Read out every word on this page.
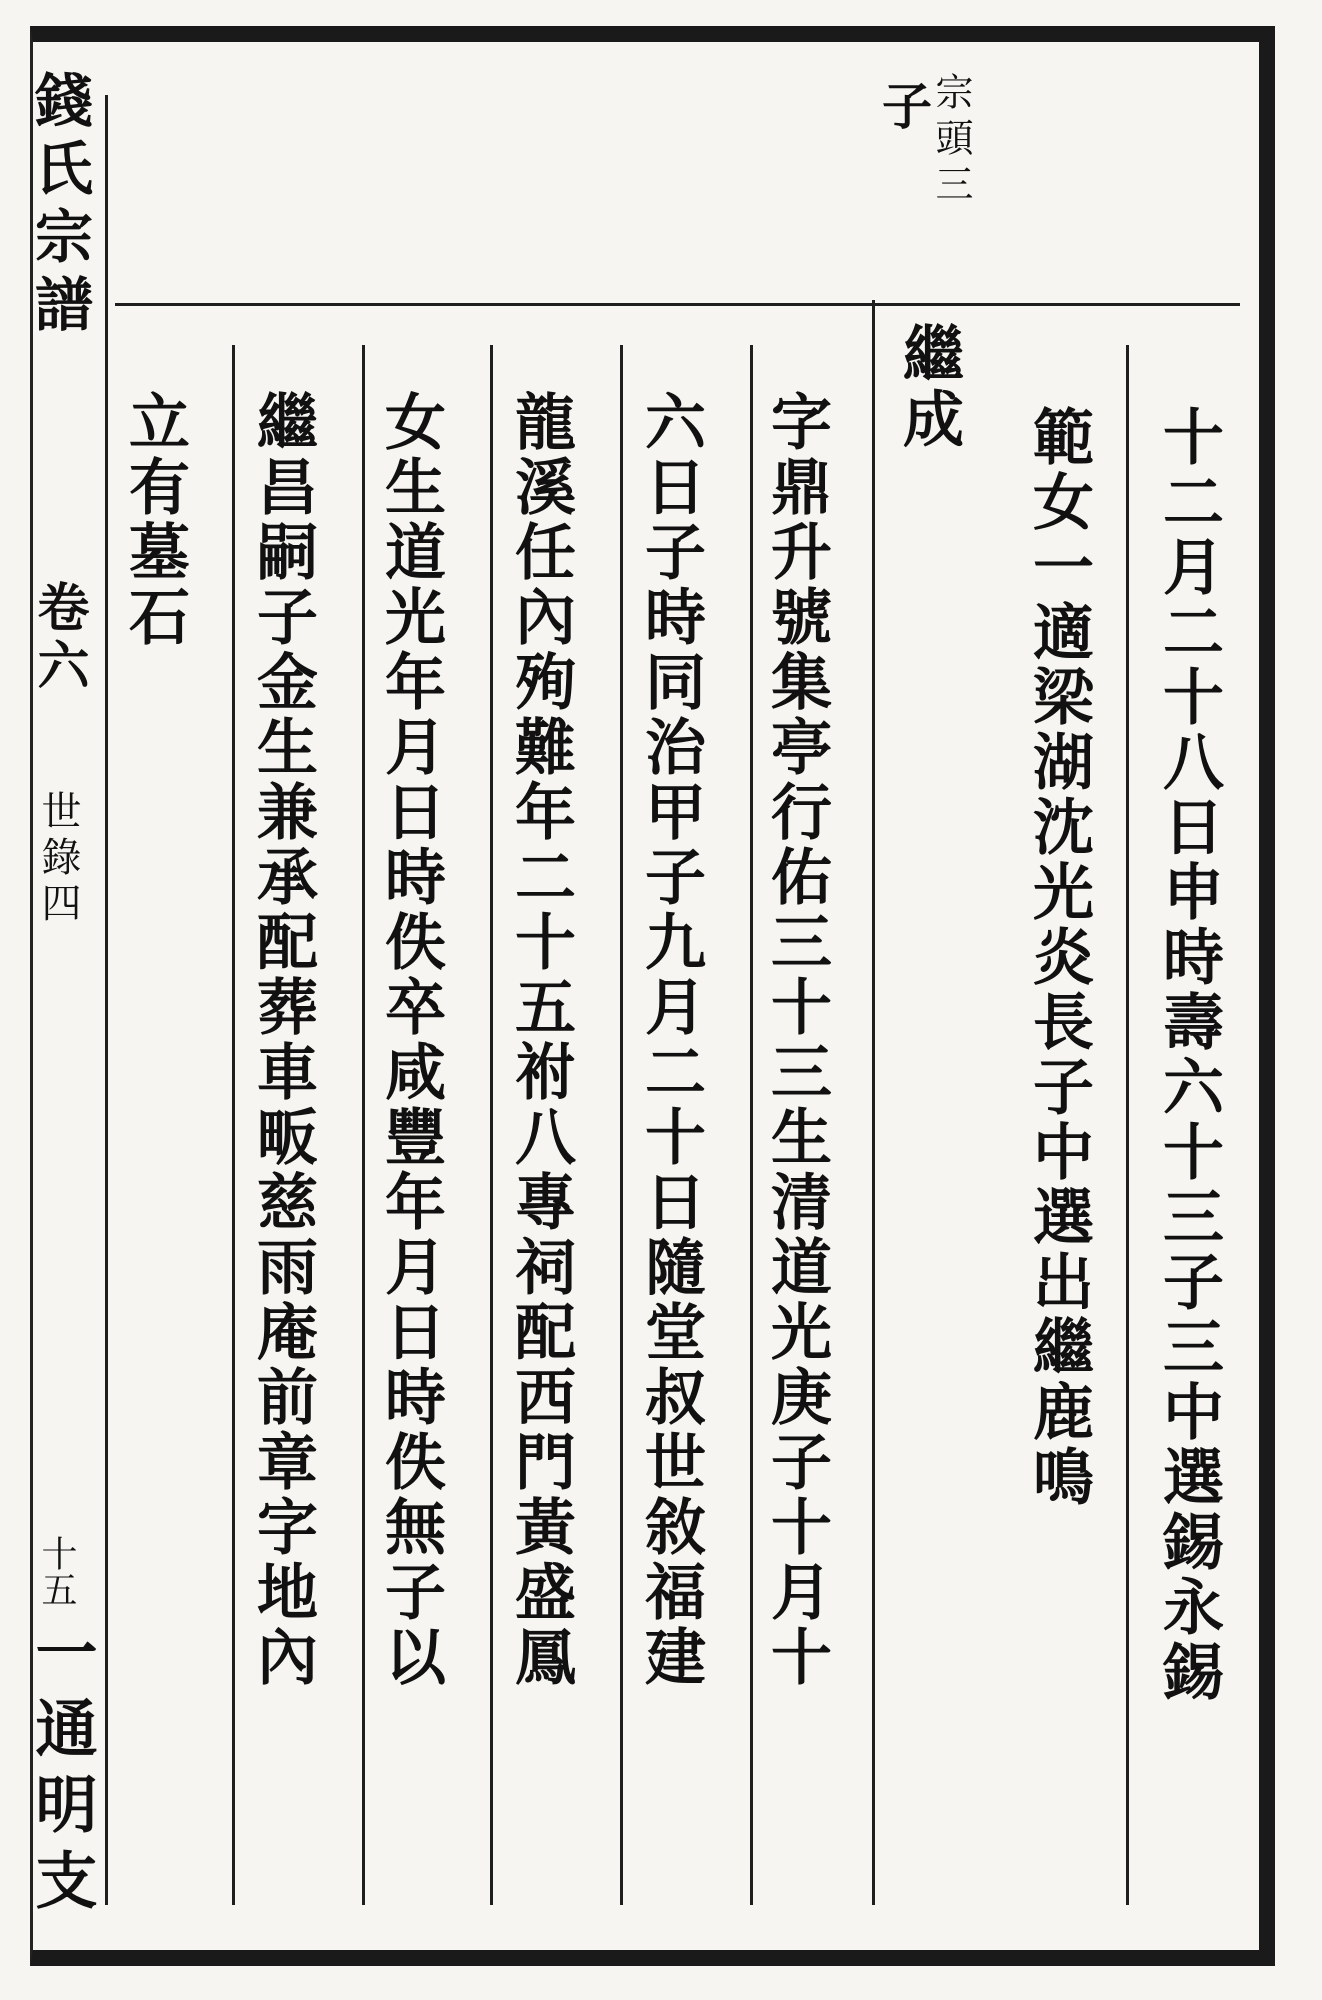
宗頭三
子
十二月二十八日申時壽六十三子三中選錫永錫
範女一適梁湖沈光炎長子中選出繼鹿鳴
繼成
字鼎升號集亭行佑三十三生清道光庚子十月十
六日子時同治甲子九月二十日隨堂叔世敘福建
龍溪任內殉難年二十五祔八專祠配西門黃盛鳳
女生道光年月日時佚卒咸豐年月日時佚無子以
繼昌嗣子金生兼承配葬車畈慈雨庵前章字地內
立有墓石
錢氏宗譜
卷六
世錄四
十五
一通明支
